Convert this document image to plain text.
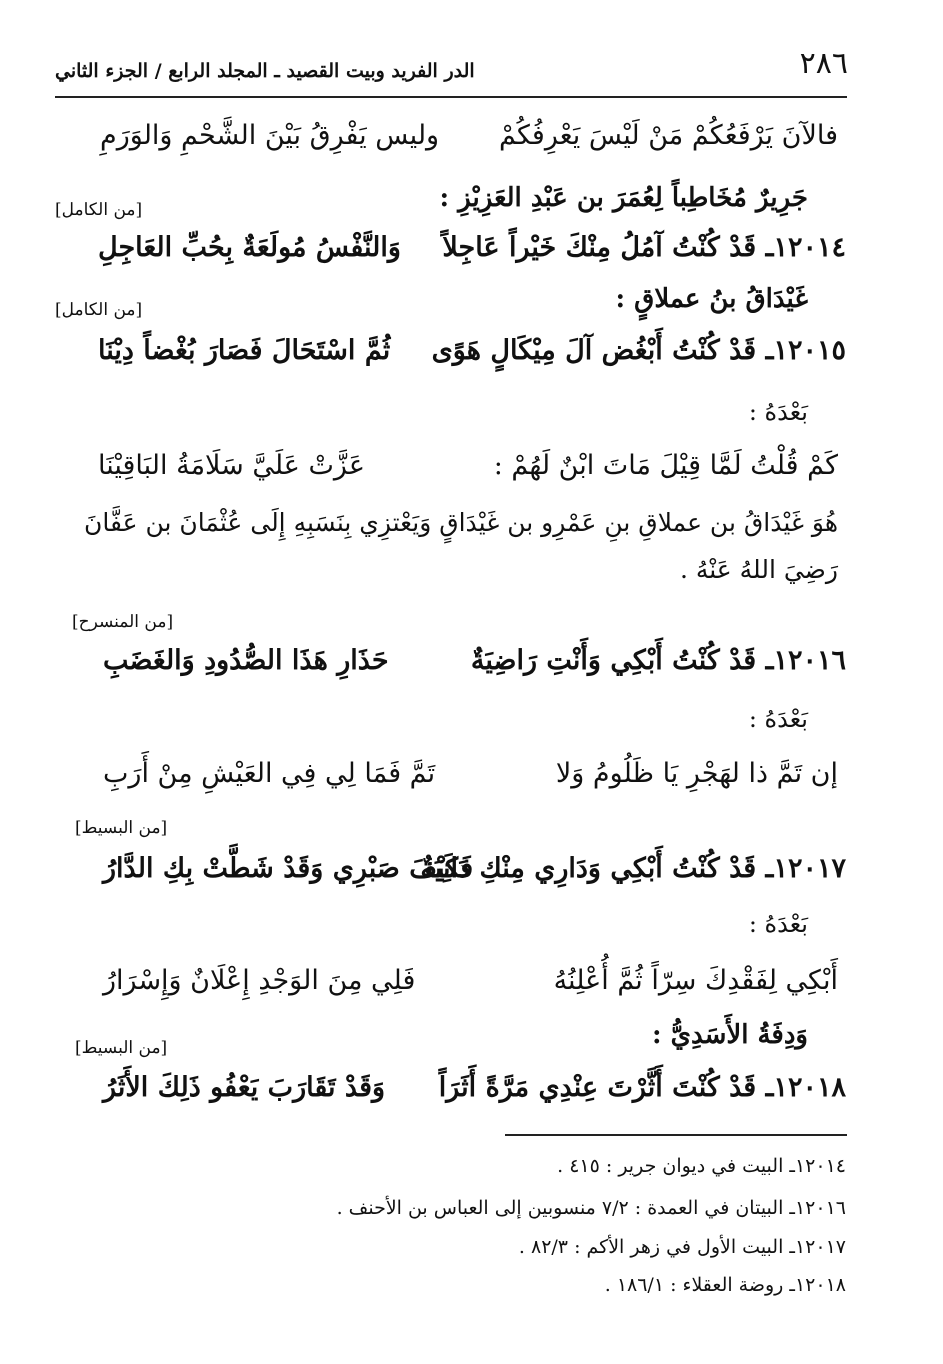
٢٨٦
الدر الفريد وبيت القصيد ـ المجلد الرابع / الجزء الثاني
فالآنَ يَرْفَعُكُمْ مَنْ لَيْسَ يَعْرِفُكُمْ
وليس يَفْرِقُ بَيْنَ الشَّحْمِ وَالوَرَمِ
جَرِيرٌ مُخَاطِباً لِعُمَرَ بن عَبْدِ العَزِيْزِ :
[من الكامل]
١٢٠١٤ـ قَدْ كُنْتُ آمُلُ مِنْكَ خَيْراً عَاجِلاً
وَالنَّفْسُ مُولَعَةٌ بِحُبِّ العَاجِلِ
غَيْدَاقُ بنُ عملاقٍ :
[من الكامل]
١٢٠١٥ـ قَدْ كُنْتُ أَبْغُض آلَ مِيْكَالٍ هَوًى
ثُمَّ اسْتَحَالَ فَصَارَ بُغْضاً دِيْنَا
بَعْدَهُ :
كَمْ قُلْتُ لَمَّا قِيْلَ مَاتَ ابْنٌ لَهُمْ :
عَزَّتْ عَلَيَّ سَلَامَةُ البَاقِيْنَا
هُوَ غَيْدَاقُ بن عملاقِ بنِ عَمْرِو بن غَيْدَاقٍ وَيَعْتزِي بِنَسَبِهِ إِلَى عُثْمَانَ بن عَفَّانَ
رَضِيَ اللهُ عَنْهُ .
[من المنسرح]
١٢٠١٦ـ قَدْ كُنْتُ أَبْكِي وَأَنْتِ رَاضِيَةٌ
حَذَارِ هَذَا الصُّدُودِ وَالغَضَبِ
بَعْدَهُ :
إن تَمَّ ذا لهَجْرِ يَا ظَلُومُ وَلا
تَمَّ فَمَا لِي فِي العَيْشِ مِنْ أَرَبِ
[من البسيط]
١٢٠١٧ـ قَدْ كُنْتُ أَبْكِي وَدَارِي مِنْكِ دَانِيَةٌ
فَكَيْفَ صَبْرِي وَقَدْ شَطَّتْ بِكِ الدَّارُ
بَعْدَهُ :
أَبْكِي لِفَقْدِكَ سِرّاً ثُمَّ أُعْلِنُهُ
فَلِي مِنَ الوَجْدِ إِعْلَانٌ وَإِسْرَارُ
وَدِفَةُ الأَسَدِيُّ :
[من البسيط]
١٢٠١٨ـ قَدْ كُنْتَ أَثَّرْتَ عِنْدِي مَرَّةً أَثَرَاً
وَقَدْ تَقَارَبَ يَعْفُو ذَلِكَ الأَثَرُ
١٢٠١٤ـ البيت في ديوان جرير : ٤١٥ .
١٢٠١٦ـ البيتان في العمدة : ٧/٢ منسوبين إلى العباس بن الأحنف .
١٢٠١٧ـ البيت الأول في زهر الأكم : ٨٢/٣ .
١٢٠١٨ـ روضة العقلاء : ١٨٦/١ .
